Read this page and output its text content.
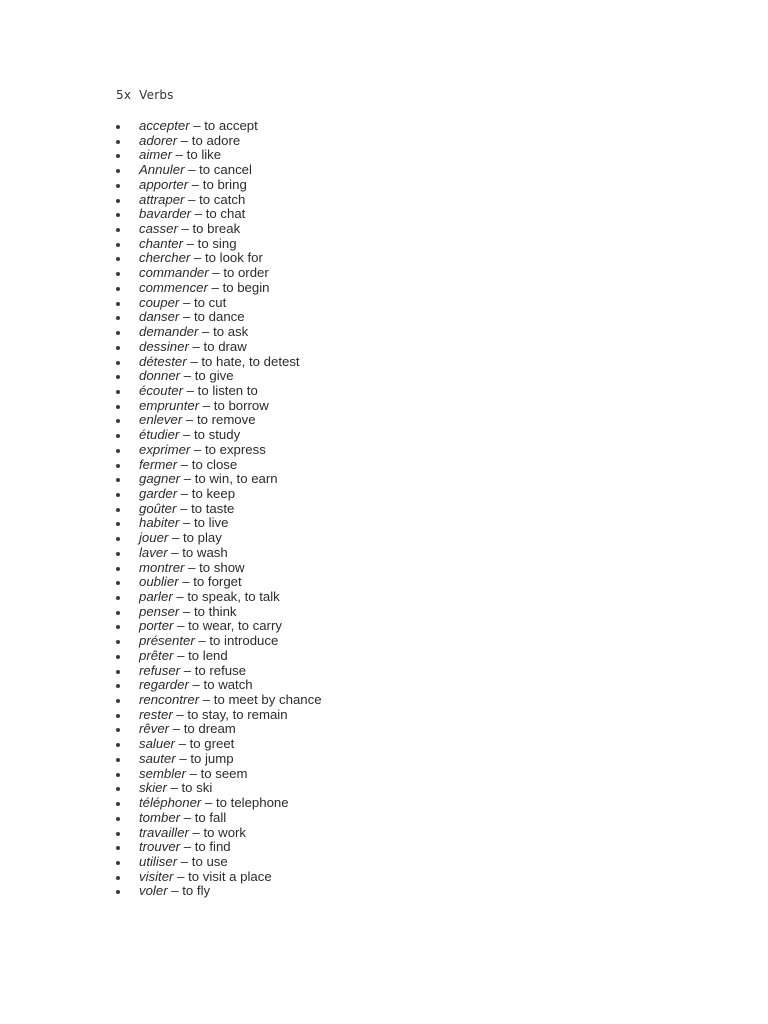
5x  Verbs
accepter – to accept
adorer – to adore
aimer – to like
Annuler – to cancel
apporter – to bring
attraper – to catch
bavarder – to chat
casser – to break
chanter – to sing
chercher – to look for
commander – to order
commencer – to begin
couper – to cut
danser – to dance
demander – to ask
dessiner – to draw
détester – to hate, to detest
donner – to give
écouter – to listen to
emprunter – to borrow
enlever – to remove
étudier – to study
exprimer – to express
fermer – to close
gagner – to win, to earn
garder – to keep
goûter – to taste
habiter – to live
jouer – to play
laver – to wash
montrer – to show
oublier – to forget
parler – to speak, to talk
penser – to think
porter – to wear, to carry
présenter – to introduce
prêter – to lend
refuser – to refuse
regarder – to watch
rencontrer – to meet by chance
rester – to stay, to remain
rêver – to dream
saluer – to greet
sauter – to jump
sembler – to seem
skier – to ski
téléphoner – to telephone
tomber – to fall
travailler – to work
trouver – to find
utiliser – to use
visiter – to visit a place
voler – to fly
